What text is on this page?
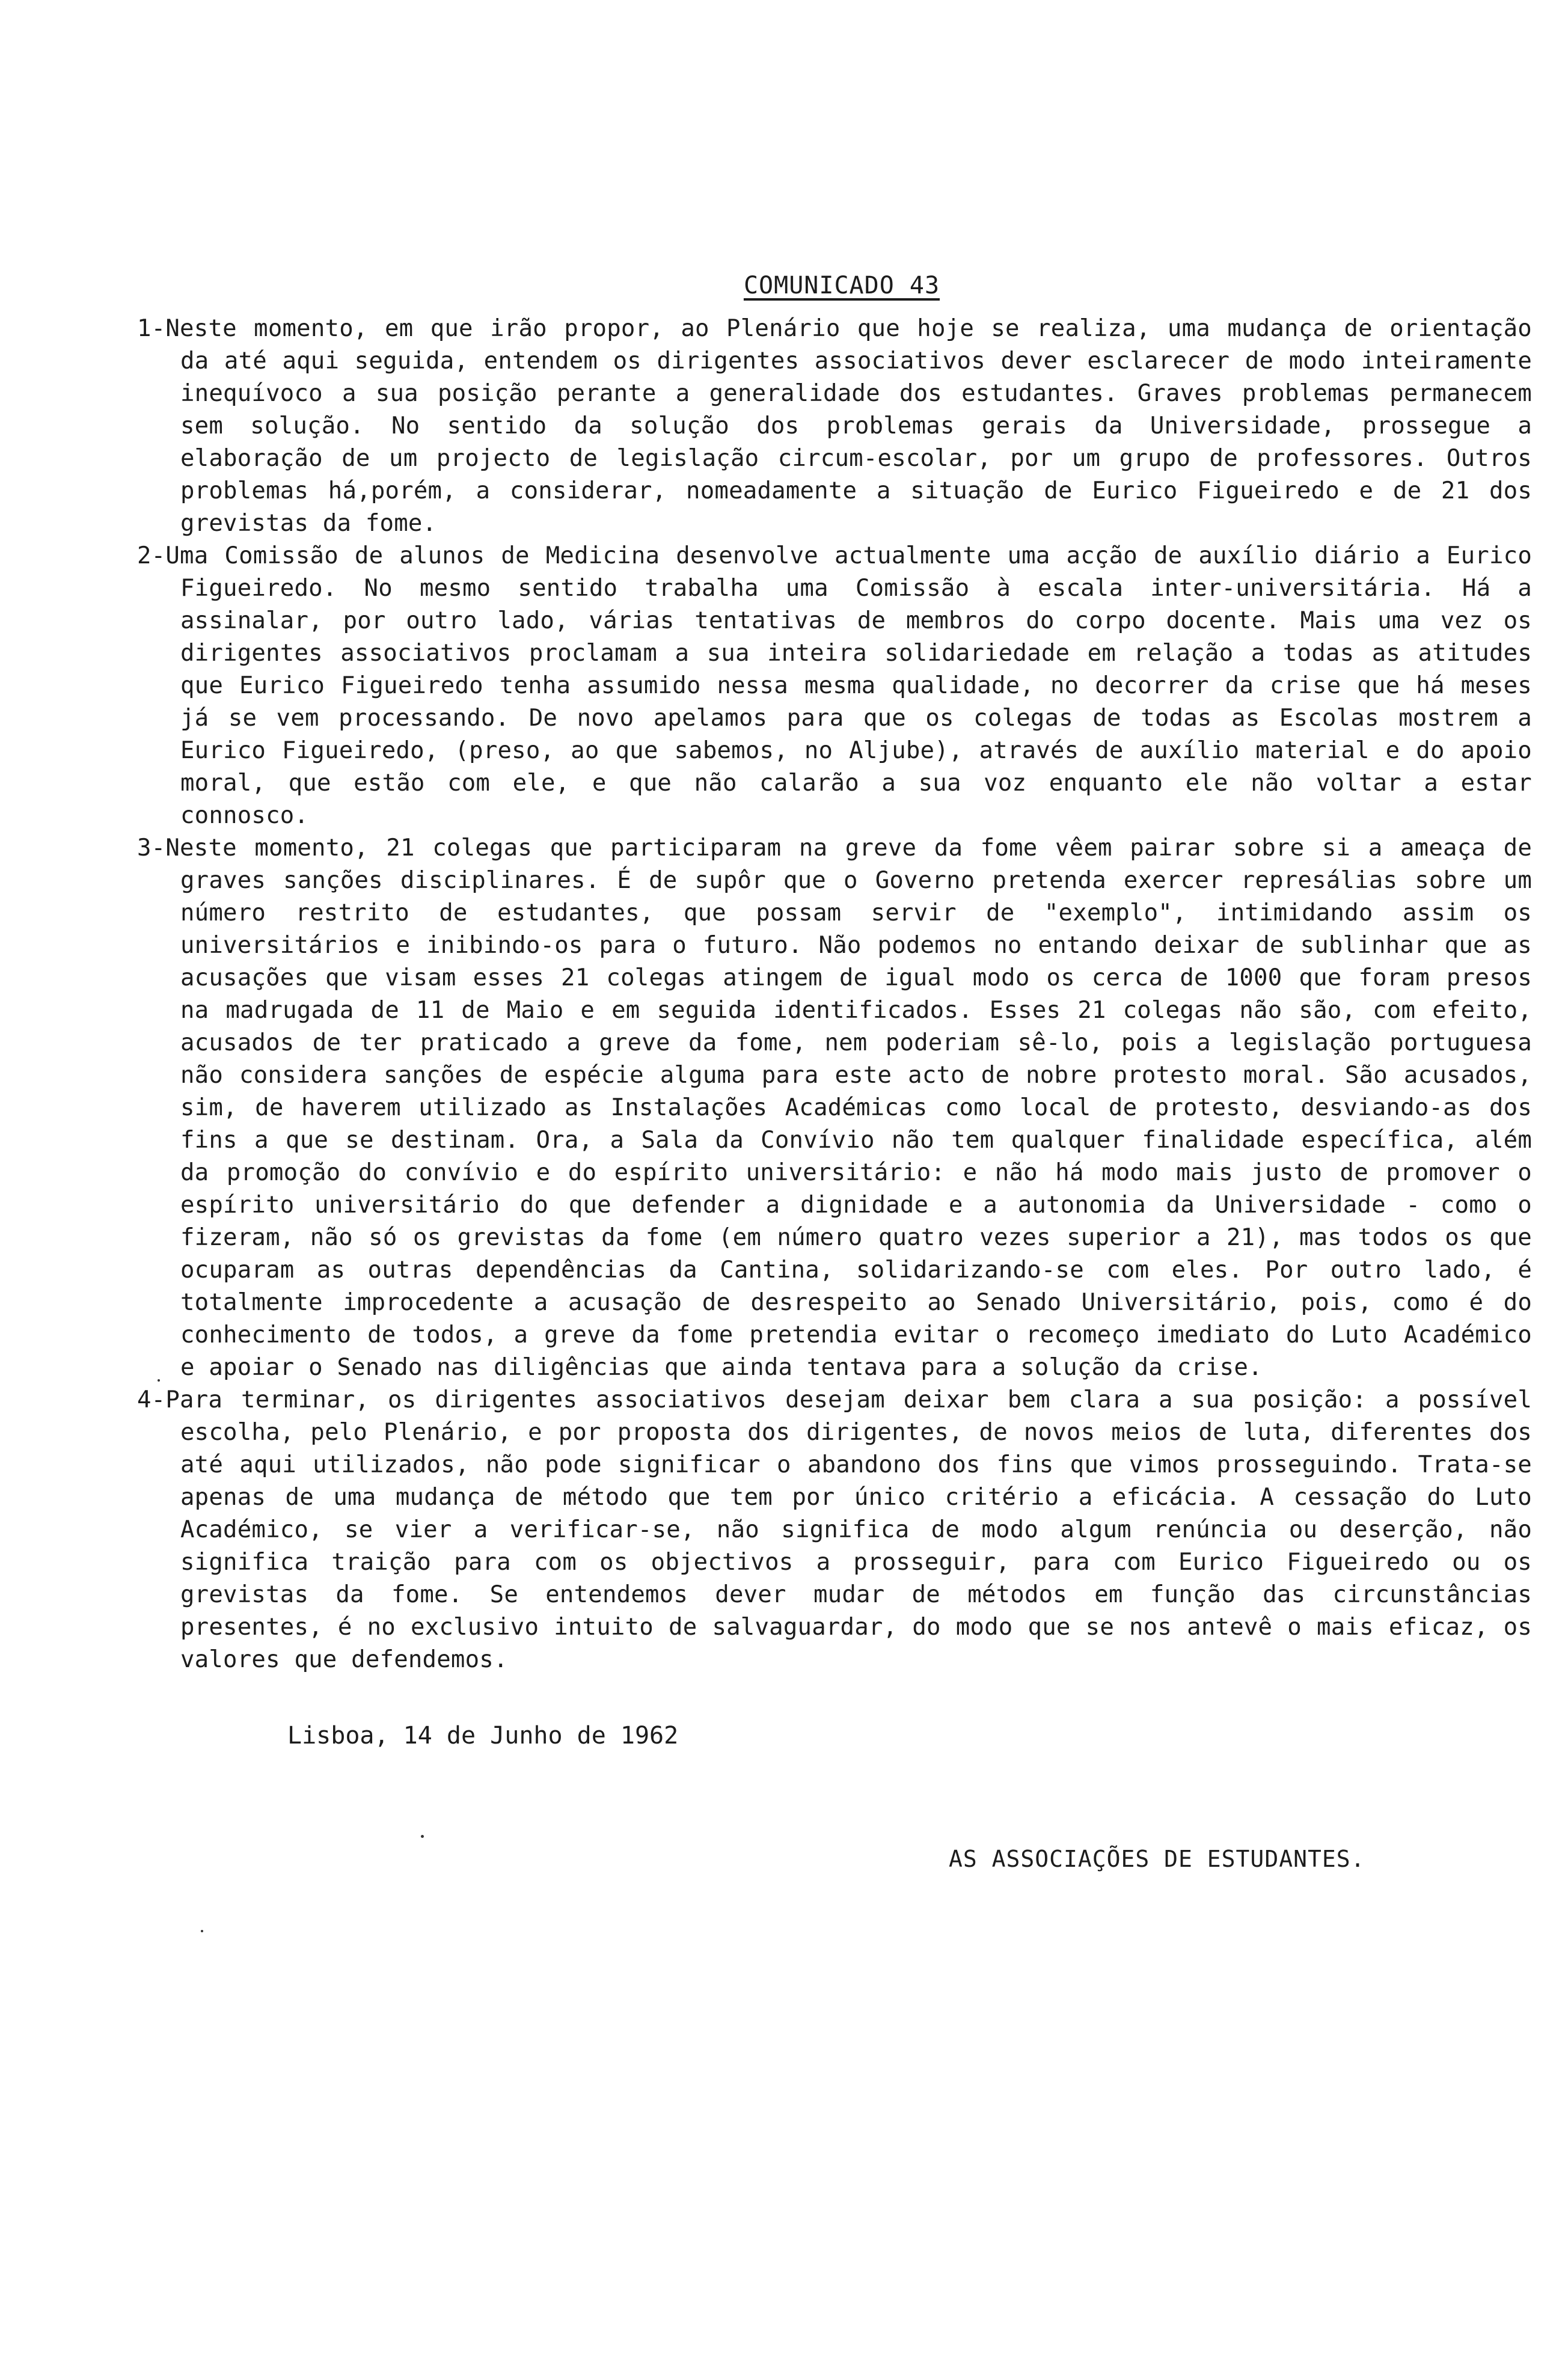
COMUNICADO 43

1-Neste momento, em que irão propor, ao Plenário que hoje se realiza, uma mudança de orientação da até aqui seguida, entendem os dirigentes associativos dever esclarecer de modo inteiramente inequívoco a sua posição perante a generalidade dos estudantes. Graves problemas permanecem sem solução. No sentido da solução dos problemas gerais da Universidade, prossegue a elaboração de um projecto de legislação circum-escolar, por um grupo de professores. Outros problemas há,porém, a considerar, nomeadamente a situação de Eurico Figueiredo e de 21 dos grevistas da fome.

2-Uma Comissão de alunos de Medicina desenvolve actualmente uma acção de auxílio diário a Eurico Figueiredo. No mesmo sentido trabalha uma Comissão à escala inter-universitária. Há a assinalar, por outro lado, várias tentativas de membros do corpo docente. Mais uma vez os dirigentes associativos proclamam a sua inteira solidariedade em relação a todas as atitudes que Eurico Figueiredo tenha assumido nessa mesma qualidade, no decorrer da crise que há meses já se vem processando. De novo apelamos para que os colegas de todas as Escolas mostrem a Eurico Figueiredo, (preso, ao que sabemos, no Aljube), através de auxílio material e do apoio moral, que estão com ele, e que não calarão a sua voz enquanto ele não voltar a estar connosco.

3-Neste momento, 21 colegas que participaram na greve da fome vêem pairar sobre si a ameaça de graves sanções disciplinares. É de supôr que o Governo pretenda exercer represálias sobre um número restrito de estudantes, que possam servir de "exemplo", intimidando assim os universitários e inibindo-os para o futuro. Não podemos no entando deixar de sublinhar que as acusações que visam esses 21 colegas atingem de igual modo os cerca de 1000 que foram presos na madrugada de 11 de Maio e em seguida identificados. Esses 21 colegas não são, com efeito, acusados de ter praticado a greve da fome, nem poderiam sê-lo, pois a legislação portuguesa não considera sanções de espécie alguma para este acto de nobre protesto moral. São acusados, sim, de haverem utilizado as Instalações Académicas como local de protesto, desviando-as dos fins a que se destinam. Ora, a Sala da Convívio não tem qualquer finalidade específica, além da promoção do convívio e do espírito universitário: e não há modo mais justo de promover o espírito universitário do que defender a dignidade e a autonomia da Universidade - como o fizeram, não só os grevistas da fome (em número quatro vezes superior a 21), mas todos os que ocuparam as outras dependências da Cantina, solidarizando-se com eles. Por outro lado, é totalmente improcedente a acusação de desrespeito ao Senado Universitário, pois, como é do conhecimento de todos, a greve da fome pretendia evitar o recomeço imediato do Luto Académico e apoiar o Senado nas diligências que ainda tentava para a solução da crise.

4-Para terminar, os dirigentes associativos desejam deixar bem clara a sua posição: a possível escolha, pelo Plenário, e por proposta dos dirigentes, de novos meios de luta, diferentes dos até aqui utilizados, não pode significar o abandono dos fins que vimos prosseguindo. Trata-se apenas de uma mudança de método que tem por único critério a eficácia. A cessação do Luto Académico, se vier a verificar-se, não significa de modo algum renúncia ou deserção, não significa traição para com os objectivos a prosseguir, para com Eurico Figueiredo ou os grevistas da fome. Se entendemos dever mudar de métodos em função das circunstâncias presentes, é no exclusivo intuito de salvaguardar, do modo que se nos antevê o mais eficaz, os valores que defendemos.

Lisboa, 14 de Junho de 1962
AS ASSOCIAÇÕES DE ESTUDANTES.
